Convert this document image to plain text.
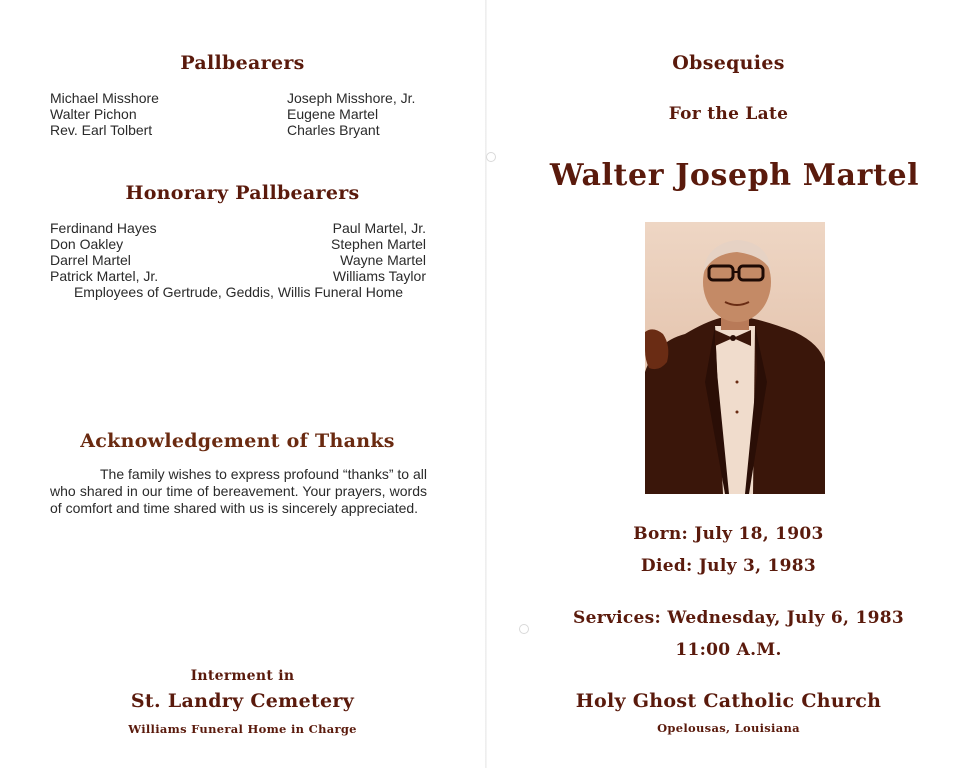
Pallbearers
Michael Misshore
Walter Pichon
Rev. Earl Tolbert
Joseph Misshore, Jr.
Eugene Martel
Charles Bryant
Honorary Pallbearers
Ferdinand Hayes
Don Oakley
Darrel Martel
Patrick Martel, Jr.
Paul Martel, Jr.
Stephen Martel
Wayne Martel
Williams Taylor
Employees of Gertrude, Geddis, Willis Funeral Home
Acknowledgement of Thanks
The family wishes to express profound “thanks” to all who shared in our time of bereavement. Your prayers, words of comfort and time shared with us is sincerely appreciated.
Interment in
St. Landry Cemetery
Williams Funeral Home in Charge
Obsequies
For the Late
Walter Joseph Martel
Born: July 18, 1903
Died: July 3, 1983
Services: Wednesday, July 6, 1983
11:00 A.M.
Holy Ghost Catholic Church
Opelousas, Louisiana
